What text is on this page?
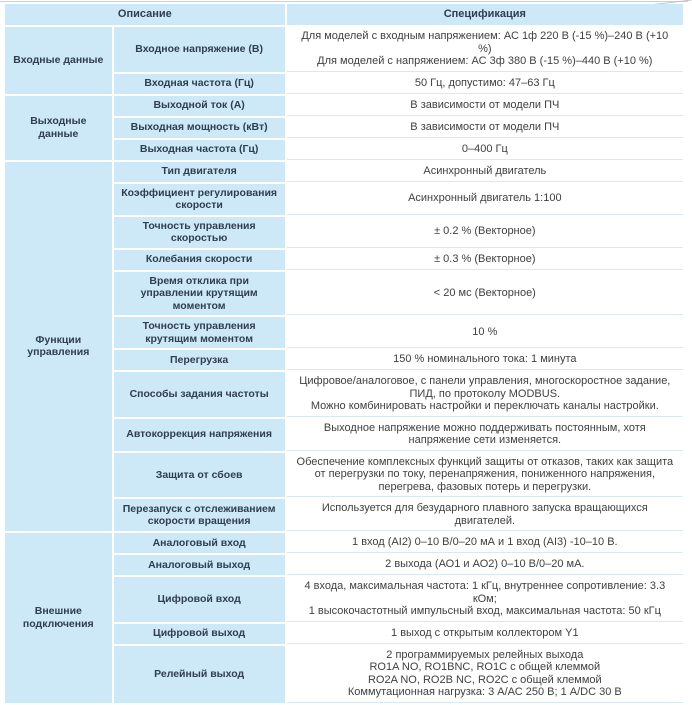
Описание		Спецификация
Входные данные	Входное напряжение (В)	Для моделей с входным напряжением: АС 1ф 220 В (-15 %)–240 В (+10 %)
Для моделей с напряжением: АС 3ф 380 В (-15 %)–440 В (+10 %)

	Входная частота (Гц)	50 Гц, допустимо: 47–63 Гц

Выходные данные	Выходной ток (А)	В зависимости от модели ПЧ

	Выходная мощность (кВт)	В зависимости от модели ПЧ

	Выходная частота (Гц)	0–400 Гц

Функции управления	Тип двигателя	Асинхронный двигатель

	Коэффициент регулирования скорости	Асинхронный двигатель 1:100

	Точность управления скоростью	± 0.2 % (Векторное)

	Колебания скорости	± 0.3 % (Векторное)

	Время отклика при управлении крутящим моментом	< 20 мс (Векторное)

	Точность управления крутящим моментом	10 %

	Перегрузка	150 % номинального тока: 1 минута

	Способы задания частоты	Цифровое/аналоговое, с панели управления, многоскоростное задание,
ПИД, по протоколу MODBUS.
Можно комбинировать настройки и переключать каналы настройки.

	Автокоррекция напряжения	Выходное напряжение можно поддерживать постоянным, хотя напряжение сети изменяется.

	Защита от сбоев	Обеспечение комплексных функций защиты от отказов, таких как защита от перегрузки по току, перенапряжения, пониженного напряжения, перегрева, фазовых потерь и перегрузки.

	Перезапуск с отслеживанием скорости вращения	Используется для безударного плавного запуска вращающихся двигателей.

Внешние подключения	Аналоговый вход	1 вход (AI2) 0–10 В/0–20 мА и 1 вход (AI3) -10–10 В.

	Аналоговый выход	2 выхода (АО1 и АО2) 0–10 В/0–20 мА.

	Цифровой вход	4 входа, максимальная частота: 1 кГц, внутреннее сопротивление: 3.3 кОм;
1 высокочастотный импульсный вход, максимальная частота: 50 кГц

	Цифровой выход	1 выход с открытым коллектором Y1

	Релейный выход	2 программируемых релейных выхода
RO1A NO, RO1BNC, RO1C с общей клеммой
RO2A NO, RO2B NC, RO2C с общей клеммой
Коммутационная нагрузка: 3 А/АС 250 В; 1 А/DC 30 В
